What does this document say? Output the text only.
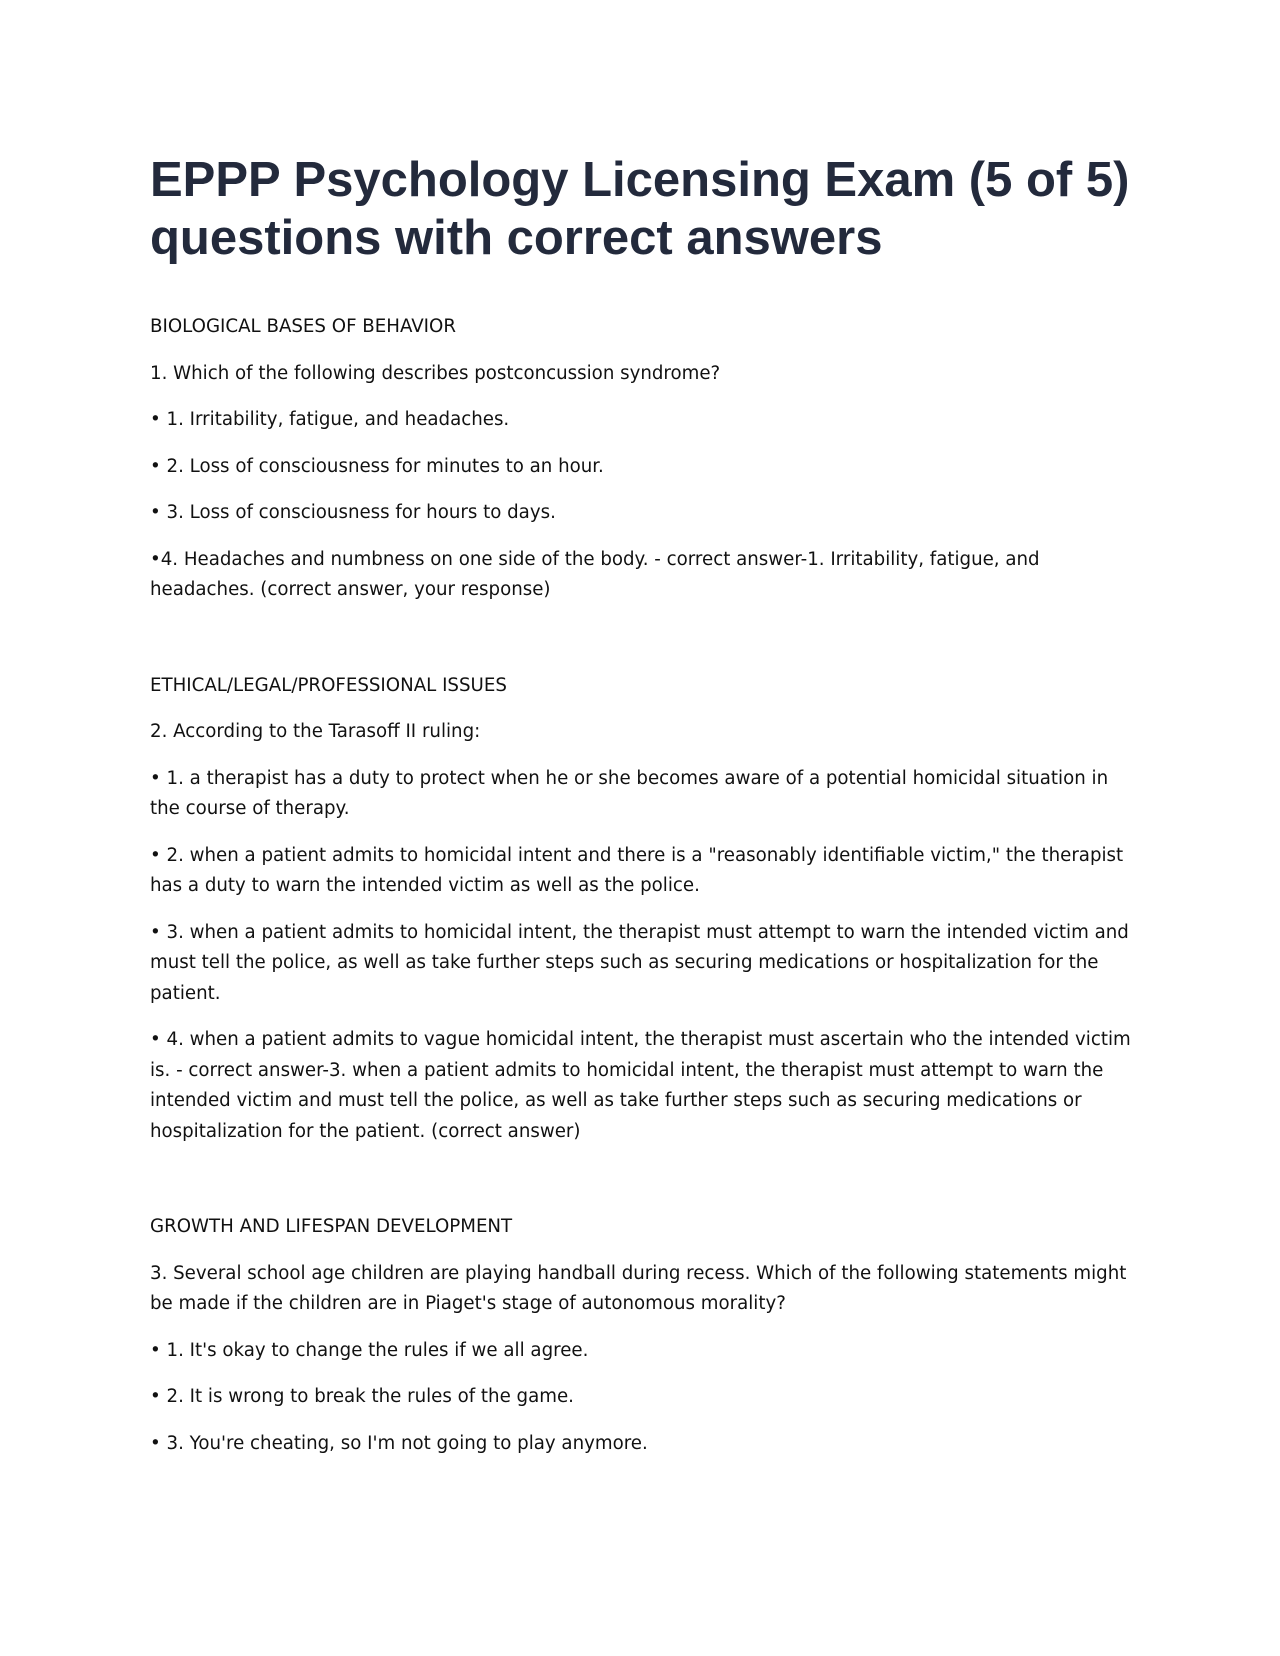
EPPP Psychology Licensing Exam (5 of 5) questions with correct answers

BIOLOGICAL BASES OF BEHAVIOR

1. Which of the following describes postconcussion syndrome?

• 1. Irritability, fatigue, and headaches.

• 2. Loss of consciousness for minutes to an hour.

• 3. Loss of consciousness for hours to days.

•4. Headaches and numbness on one side of the body. - correct answer-1. Irritability, fatigue, and headaches. (correct answer, your response)

ETHICAL/LEGAL/PROFESSIONAL ISSUES

2. According to the Tarasoff II ruling:

• 1. a therapist has a duty to protect when he or she becomes aware of a potential homicidal situation in the course of therapy.

• 2. when a patient admits to homicidal intent and there is a "reasonably identifiable victim," the therapist has a duty to warn the intended victim as well as the police.

• 3. when a patient admits to homicidal intent, the therapist must attempt to warn the intended victim and must tell the police, as well as take further steps such as securing medications or hospitalization for the patient.

• 4. when a patient admits to vague homicidal intent, the therapist must ascertain who the intended victim is. - correct answer-3. when a patient admits to homicidal intent, the therapist must attempt to warn the intended victim and must tell the police, as well as take further steps such as securing medications or hospitalization for the patient. (correct answer)

GROWTH AND LIFESPAN DEVELOPMENT

3. Several school age children are playing handball during recess. Which of the following statements might be made if the children are in Piaget's stage of autonomous morality?

• 1. It's okay to change the rules if we all agree.

• 2. It is wrong to break the rules of the game.

• 3. You're cheating, so I'm not going to play anymore.
